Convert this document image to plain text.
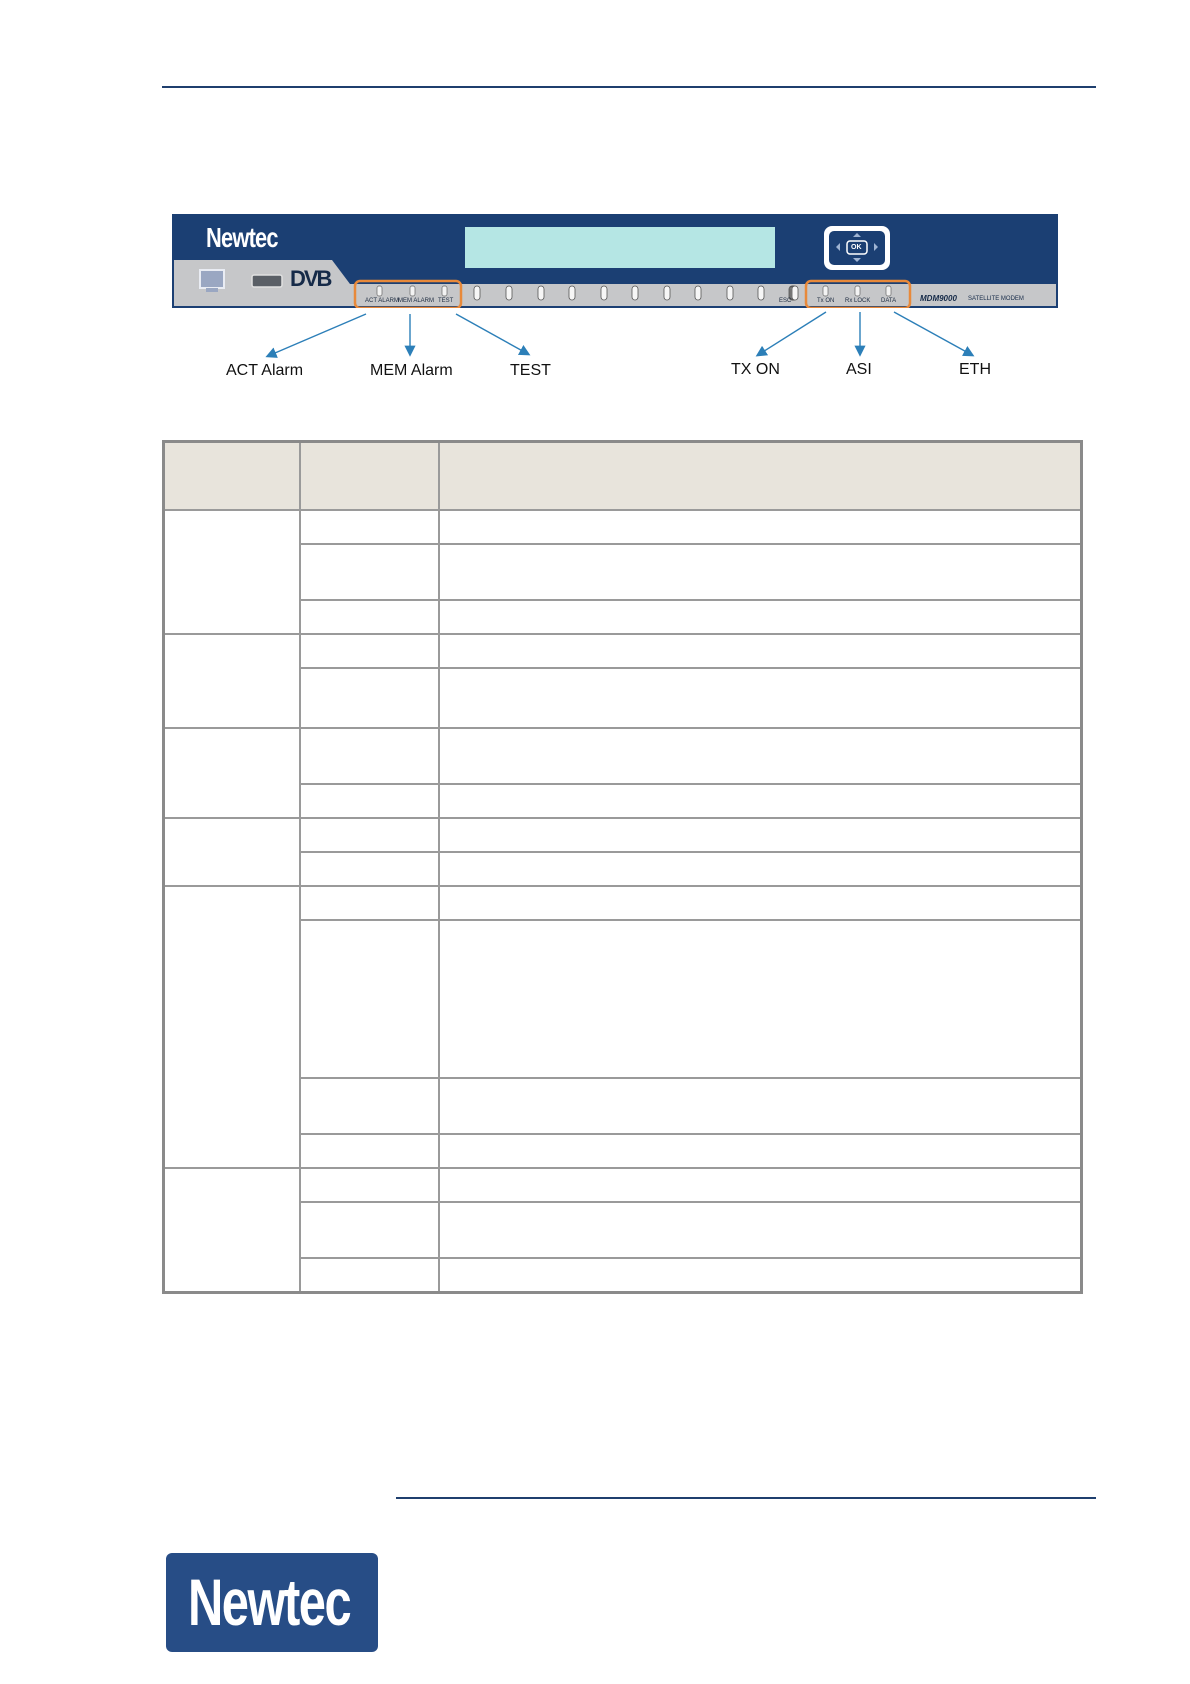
Newtec
DVB
ACT ALARM MEM ALARM TEST	ESC	Tx ON Rx LOCK DATA
OK
MDM9000 SATELLITE MODEM
ACT Alarm	MEM Alarm	TEST	TX ON	ASI	ETH

Newtec
